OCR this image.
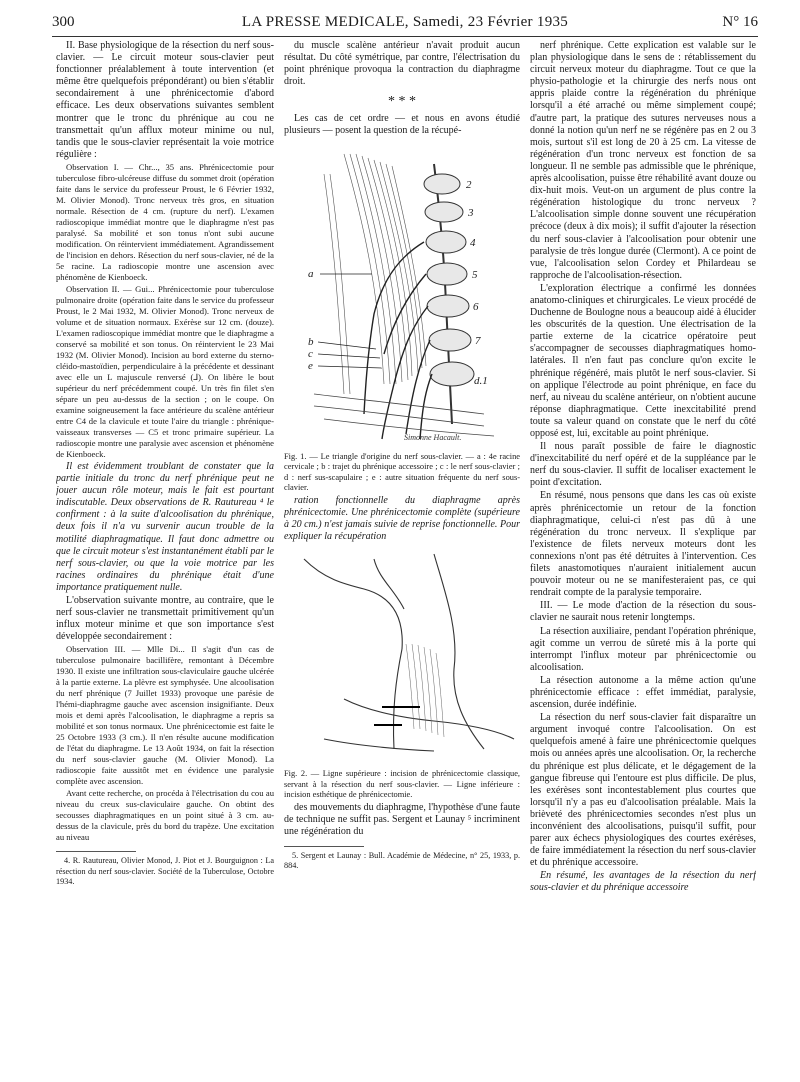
300	LA PRESSE MEDICALE, Samedi, 23 Février 1935	N° 16

II. Base physiologique de la résection du nerf sous-clavier. — Le circuit moteur sous-clavier peut fonctionner préalablement à toute intervention (et même être quelquefois prépondérant) ou bien s'établir secondairement à une phrénicectomie d'abord efficace. Les deux observations suivantes semblent montrer que le tronc du phrénique au cou ne transmettait qu'un afflux moteur minime ou nul, tandis que le sous-clavier représentait la voie motrice régulière :

Observation I. — Chr..., 35 ans. Phrénicectomie pour tuberculose fibro-ulcéreuse diffuse du sommet droit (opération faite dans le service du professeur Proust, le 6 Février 1932, M. Olivier Monod). Tronc nerveux très gros, en situation normale. Résection de 4 cm. (rupture du nerf). L'examen radioscopique immédiat montre que le diaphragme n'est pas paralysé. Sa mobilité et son tonus n'ont subi aucune modification. On réintervient immédiatement. Agrandissement de l'incision en dehors. Résection du nerf sous-clavier, né de la 5e racine. La radioscopie montre une ascension avec phénomène de Kienboeck.

Observation II. — Gui... Phrénicectomie pour tuberculose pulmonaire droite (opération faite dans le service du professeur Proust, le 2 Mai 1932, M. Olivier Monod). Tronc nerveux de volume et de situation normaux. Exérèse sur 12 cm. (douze). L'examen radioscopique immédiat montre que le diaphragme a conservé sa mobilité et son tonus. On réintervient le 23 Mai 1932 (M. Olivier Monod). Incision au bord externe du sterno-cléido-mastoïdien, perpendiculaire à la précédente et dessinant avec elle un L majuscule renversé (⅃). On libère le bout supérieur du nerf précédemment coupé. Un très fin filet s'en sépare un peu au-dessus de la section ; on le coupe. On examine soigneusement la face antérieure du scalène antérieur entre C4 de la clavicule et toute l'aire du triangle : phrénique-vaisseaux transverses — C5 et tronc primaire supérieur. La radioscopie montre une paralysie avec ascension et phénomène de Kienboeck.

Il est évidemment troublant de constater que la partie initiale du tronc du nerf phrénique peut ne jouer aucun rôle moteur, mais le fait est pourtant indiscutable. Deux observations de R. Rautureau ⁴ le confirment : à la suite d'alcoolisation du phrénique, deux fois il n'a vu survenir aucun trouble de la motilité diaphragmatique. Il faut donc admettre ou que le circuit moteur s'est instantanément établi par le nerf sous-clavier, ou que la voie motrice par les racines ordinaires du phrénique était d'une importance pratiquement nulle.

L'observation suivante montre, au contraire, que le nerf sous-clavier ne transmettait primitivement qu'un influx moteur minime et que son importance s'est développée secondairement :

Observation III. — Mlle Di... Il s'agit d'un cas de tuberculose pulmonaire bacillifère, remontant à Décembre 1930. Il existe une infiltration sous-claviculaire gauche ulcérée à la partie externe. La plèvre est symphysée. Une alcoolisation du nerf phrénique (7 Juillet 1933) provoque une parésie de l'hémi-diaphragme gauche avec ascension insignifiante. Deux mois et demi après l'alcoolisation, le diaphragme a repris sa mobilité et son tonus normaux. Une phrénicectomie est faite le 25 Octobre 1933 (3 cm.). Il n'en résulte aucune modification de l'état du diaphragme. Le 13 Août 1934, on fait la résection du nerf sous-clavier gauche (M. Olivier Monod). La radioscopie faite aussitôt met en évidence une paralysie complète avec ascension.

Avant cette recherche, on procéda à l'électrisation du cou au niveau du creux sus-claviculaire gauche. On obtint des secousses diaphragmatiques en un point situé à 3 cm. au-dessus de la clavicule, près du bord du trapèze. Une excitation au niveau

4. R. Rautureau, Olivier Monod, J. Piot et J. Bourguignon : La résection du nerf sous-clavier. Société de la Tuberculose, Octobre 1934.

du muscle scalène antérieur n'avait produit aucun résultat. Du côté symétrique, par contre, l'électrisation du point phrénique provoqua la contraction du diaphragme droit.

* * *

Les cas de cet ordre — et nous en avons étudié plusieurs — posent la question de la récupé-

2
3
4
5
6
7
d.1
a
b
c
e
Simonne Hacault.

Fig. 1. — Le triangle d'origine du nerf sous-clavier. — a : 4e racine cervicale ; b : trajet du phrénique accessoire ; c : le nerf sous-clavier ; d : nerf sus-scapulaire ; e : autre situation fréquente du nerf sous-clavier.

ration fonctionnelle du diaphragme après phrénicectomie. Une phrénicectomie complète (supérieure à 20 cm.) n'est jamais suivie de reprise fonctionnelle. Pour expliquer la récupération

Fig. 2. — Ligne supérieure : incision de phrénicectomie classique, servant à la résection du nerf sous-clavier. — Ligne inférieure : incision esthétique de phrénicectomie.

des mouvements du diaphragme, l'hypothèse d'une faute de technique ne suffit pas. Sergent et Launay ⁵ incriminent une régénération du

5. Sergent et Launay : Bull. Académie de Médecine, n° 25, 1933, p. 884.

nerf phrénique. Cette explication est valable sur le plan physiologique dans le sens de : rétablissement du circuit nerveux moteur du diaphragme. Tout ce que la physio-pathologie et la chirurgie des nerfs nous ont appris plaide contre la régénération du phrénique lorsqu'il a été arraché ou même simplement coupé; d'autre part, la pratique des sutures nerveuses nous a donné la notion qu'un nerf ne se régénère pas en 2 ou 3 mois, surtout s'il est long de 20 à 25 cm. La vitesse de régénération d'un tronc nerveux est fonction de sa longueur. Il ne semble pas admissible que le phrénique, après alcoolisation, puisse être réhabilité avant douze ou dix-huit mois. Veut-on un argument de plus contre la régénération histologique du tronc nerveux ? L'alcoolisation simple donne souvent une récupération précoce (deux à dix mois); il suffit d'ajouter la résection du nerf sous-clavier à l'alcoolisation pour obtenir une paralysie de très longue durée (Clermont). A ce point de vue, l'alcoolisation selon Cordey et Philardeau se rapproche de l'alcoolisation-résection.

L'exploration électrique a confirmé les données anatomo-cliniques et chirurgicales. Le vieux procédé de Duchenne de Boulogne nous a beaucoup aidé à élucider les obscurités de la question. Une électrisation de la partie externe de la cicatrice opératoire peut s'accompagner de secousses diaphragmatiques homo-latérales. Il n'en faut pas conclure qu'on excite le phrénique régénéré, mais plutôt le nerf sous-clavier. Si on applique l'électrode au point phrénique, en face du nerf, au niveau du scalène antérieur, on n'obtient aucune réponse diaphragmatique. Cette inexcitabilité prend toute sa valeur quand on constate que le nerf du côté opposé est, lui, excitable au point phrénique.

Il nous paraît possible de faire le diagnostic d'inexcitabilité du nerf opéré et de la suppléance par le nerf du sous-clavier. Il suffit de localiser exactement le point d'excitation.

En résumé, nous pensons que dans les cas où existe après phrénicectomie un retour de la fonction diaphragmatique, celui-ci n'est pas dû à une régénération du tronc nerveux. Il s'explique par l'existence de filets nerveux moteurs dont les connexions n'ont pas été détruites à l'intervention. Ces filets anastomotiques n'auraient initialement aucun pouvoir moteur ou ne se manifesteraient pas, ce qui rendrait compte de la paralysie temporaire.

III. — Le mode d'action de la résection du sous-clavier ne saurait nous retenir longtemps.

La résection auxiliaire, pendant l'opération phrénique, agit comme un verrou de sûreté mis à la porte qui interrompt l'influx moteur par phrénicectomie ou alcoolisation.

La résection autonome a la même action qu'une phrénicectomie efficace : effet immédiat, paralysie, ascension, durée indéfinie.

La résection du nerf sous-clavier fait disparaître un argument invoqué contre l'alcoolisation. On est quelquefois amené à faire une phrénicectomie quelques mois ou années après une alcoolisation. Or, la recherche du phrénique est plus délicate, et le dégagement de la gangue fibreuse qui l'entoure est plus difficile. De plus, les exérèses sont incontestablement plus courtes que lorsqu'il n'y a pas eu d'alcoolisation préalable. Mais la brièveté des phrénicectomies secondes n'est plus un inconvénient des alcoolisations, puisqu'il suffit, pour parer aux échecs physiologiques des courtes exérèses, de faire immédiatement la résection du nerf sous-clavier et du phrénique accessoire.

En résumé, les avantages de la résection du nerf sous-clavier et du phrénique accessoire
